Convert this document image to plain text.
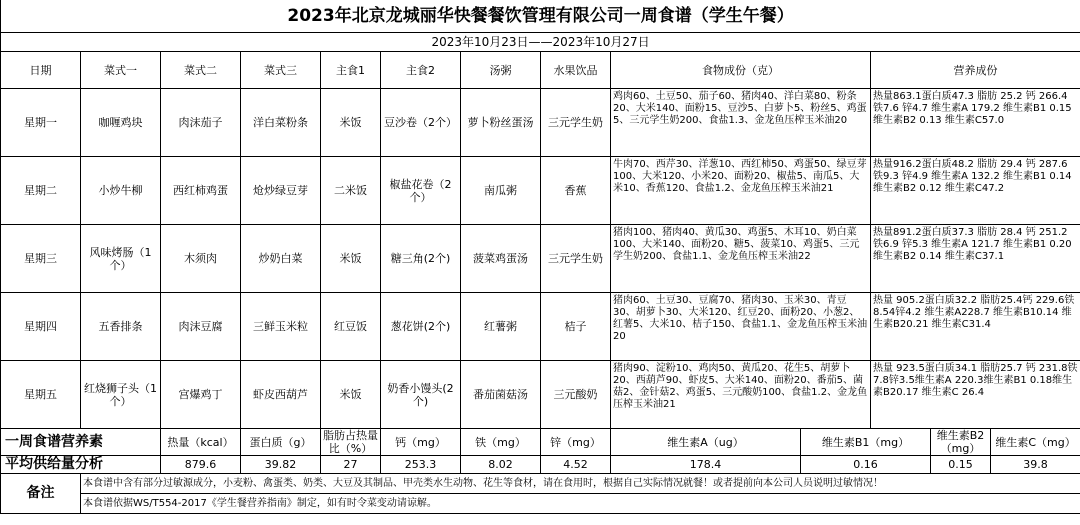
2023年北京龙城丽华快餐餐饮管理有限公司一周食谱（学生午餐）												
2023年10月23日——2023年10月27日												
日期	菜式一	菜式二	菜式三	主食1	主食2	汤粥	水果饮品	食物成份（克）		营养成份		
星期一	咖喱鸡块	肉沫茄子	洋白菜粉条	米饭	豆沙卷（2个）	萝卜粉丝蛋汤	三元学生奶	鸡肉60、土豆50、茄子60、猪肉40、洋白菜80、粉条20、大米140、面粉15、豆沙5、白萝卜5、粉丝5、鸡蛋5、三元学生奶200、食盐1.3、金龙鱼压榨玉米油20		热量863.1蛋白质47.3 脂肪 25.2 钙 266.4 铁7.6 锌4.7 维生素A 179.2 维生素B1 0.15 维生素B2 0.13 维生素C57.0		
星期二	小炒牛柳	西红柿鸡蛋	炝炒绿豆芽	二米饭	椒盐花卷（2个）	南瓜粥	香蕉	牛肉70、西芹30、洋葱10、西红柿50、鸡蛋50、绿豆芽100、大米120、小米20、面粉20、椒盐5、南瓜5、大米10、香蕉120、食盐1.2、金龙鱼压榨玉米油21		热量916.2蛋白质48.2 脂肪 29.4 钙 287.6 铁9.3 锌4.9 维生素A 132.2 维生素B1 0.14 维生素B2 0.12 维生素C47.2		
星期三	风味烤肠（1个）	木须肉	炒奶白菜	米饭	糖三角(2个)	菠菜鸡蛋汤	三元学生奶	猪肉100、猪肉40、黄瓜30、鸡蛋5、木耳10、奶白菜100、大米140、面粉20、糖5、菠菜10、鸡蛋5、三元学生奶200、食盐1.1、金龙鱼压榨玉米油22		热量891.2蛋白质37.3 脂肪 28.4 钙 251.2 铁6.9 锌5.3 维生素A 121.7 维生素B1 0.20 维生素B2 0.14 维生素C37.1		
星期四	五香排条	肉沫豆腐	三鲜玉米粒	红豆饭	葱花饼(2个)	红薯粥	桔子	猪肉60、土豆30、豆腐70、猪肉30、玉米30、青豆30、胡萝卜30、大米120、红豆20、面粉20、小葱2、红薯5、大米10、桔子150、食盐1.1、金龙鱼压榨玉米油20		热量 905.2蛋白质32.2 脂肪25.4钙 229.6铁8.54锌4.2 维生素A228.7 维生素B10.14 维生素B20.21 维生素C31.4		
星期五	红烧狮子头（1个）	宫爆鸡丁	虾皮西葫芦	米饭	奶香小馒头(2个)	番茄菌菇汤	三元酸奶	猪肉90、淀粉10、鸡肉50、黄瓜20、花生5、胡萝卜20、西葫芦90、虾皮5、大米140、面粉20、番茄5、菌菇2、金针菇2、鸡蛋5、三元酸奶100、食盐1.2、金龙鱼压榨玉米油21		热量 923.5蛋白质34.1 脂肪25.7 钙 231.8铁7.8锌3.5维生素A 220.3维生素B1 0.18维生素B20.17 维生素C 26.4		
一周食谱营养素		热量（kcal）	蛋白质（g）	脂肪占热量比（%）	钙（mg）	铁（mg）	锌（mg）	维生素A（ug）	维生素B1（mg）		维生素B2（mg）	维生素C（mg）
平均供给量分析		879.6	39.82	27	253.3	8.02	4.52	178.4	0.16		0.15	39.8
备注	本食谱中含有部分过敏源成分，小麦粉、禽蛋类、奶类、大豆及其制品、甲壳类水生动物、花生等食材，请在食用时，根据自己实际情况就餐！或者提前向本公司人员说明过敏情况！											
	本食谱依据WS/T554-2017《学生餐营养指南》制定，如有时令菜变动请谅解。											
